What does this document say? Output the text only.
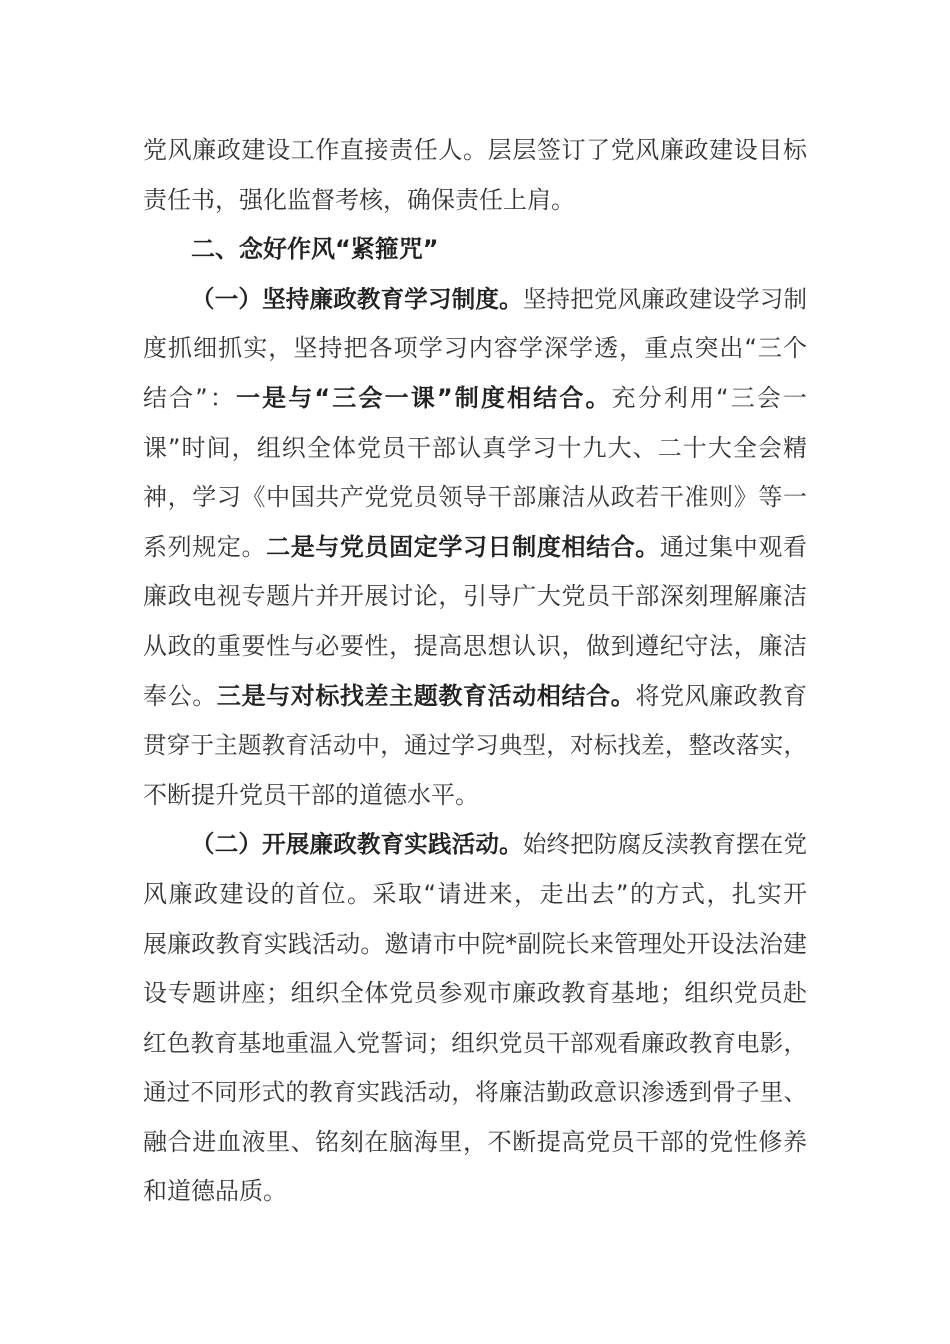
党风廉政建设工作直接责任人。层层签订了党风廉政建设目标
责任书，强化监督考核，确保责任上肩。
二、念好作风“紧箍咒”
（一）坚持廉政教育学习制度。坚持把党风廉政建设学习制
度抓细抓实，坚持把各项学习内容学深学透，重点突出“三个
结合”：一是与“三会一课”制度相结合。充分利用“三会一
课”时间，组织全体党员干部认真学习十九大、二十大全会精
神，学习《中国共产党党员领导干部廉洁从政若干准则》等一
系列规定。二是与党员固定学习日制度相结合。通过集中观看
廉政电视专题片并开展讨论，引导广大党员干部深刻理解廉洁
从政的重要性与必要性，提高思想认识，做到遵纪守法，廉洁
奉公。三是与对标找差主题教育活动相结合。将党风廉政教育
贯穿于主题教育活动中，通过学习典型，对标找差，整改落实，
不断提升党员干部的道德水平。
（二）开展廉政教育实践活动。始终把防腐反渎教育摆在党
风廉政建设的首位。采取“请进来，走出去”的方式，扎实开
展廉政教育实践活动。邀请市中院*副院长来管理处开设法治建
设专题讲座；组织全体党员参观市廉政教育基地；组织党员赴
红色教育基地重温入党誓词；组织党员干部观看廉政教育电影，
通过不同形式的教育实践活动，将廉洁勤政意识渗透到骨子里、
融合进血液里、铭刻在脑海里，不断提高党员干部的党性修养
和道德品质。
